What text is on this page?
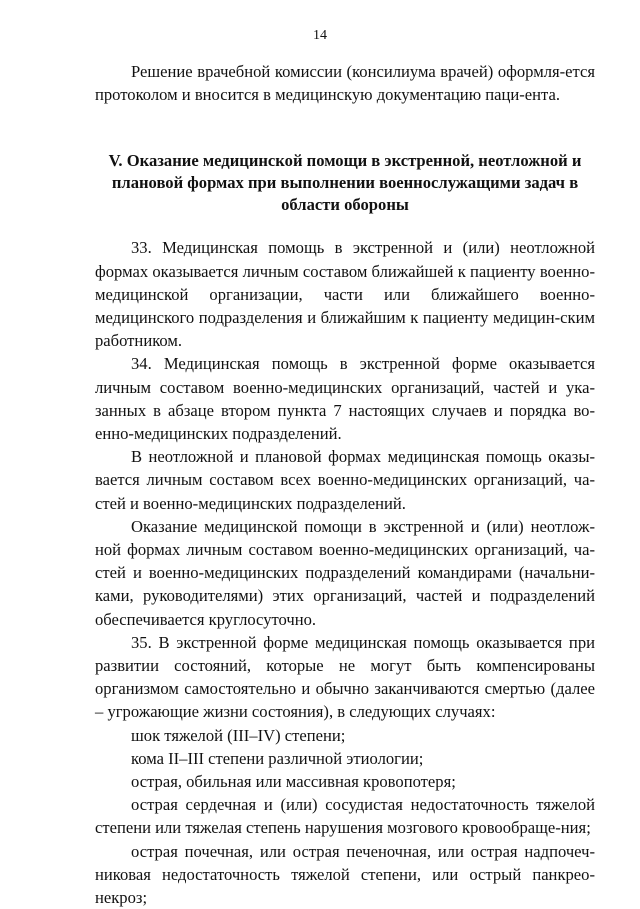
14

Решение врачебной комиссии (консилиума врачей) оформля-ется протоколом и вносится в медицинскую документацию паци-ента.

V. Оказание медицинской помощи в экстренной, неотложной и плановой формах при выполнении военнослужащими задач в области обороны

33. Медицинская помощь в экстренной и (или) неотложной формах оказывается личным составом ближайшей к пациенту военно-медицинской организации, части или ближайшего военно-медицинского подразделения и ближайшим к пациенту медицин-ским работником.

34. Медицинская помощь в экстренной форме оказывается личным составом военно-медицинских организаций, частей и ука-занных в абзаце втором пункта 7 настоящих случаев и порядка во-енно-медицинских подразделений.

В неотложной и плановой формах медицинская помощь оказы-вается личным составом всех военно-медицинских организаций, ча-стей и военно-медицинских подразделений.

Оказание медицинской помощи в экстренной и (или) неотлож-ной формах личным составом военно-медицинских организаций, ча-стей и военно-медицинских подразделений командирами (начальни-ками, руководителями) этих организаций, частей и подразделений обеспечивается круглосуточно.

35. В экстренной форме медицинская помощь оказывается при развитии состояний, которые не могут быть компенсированы организмом самостоятельно и обычно заканчиваются смертью (далее – угрожающие жизни состояния), в следующих случаях:

шок тяжелой (III–IV) степени;

кома II–III степени различной этиологии;

острая, обильная или массивная кровопотеря;

острая сердечная и (или) сосудистая недостаточность тяжелой степени или тяжелая степень нарушения мозгового кровообраще-ния;

острая почечная, или острая печеночная, или острая надпочеч-никовая недостаточность тяжелой степени, или острый панкрео-некроз;
